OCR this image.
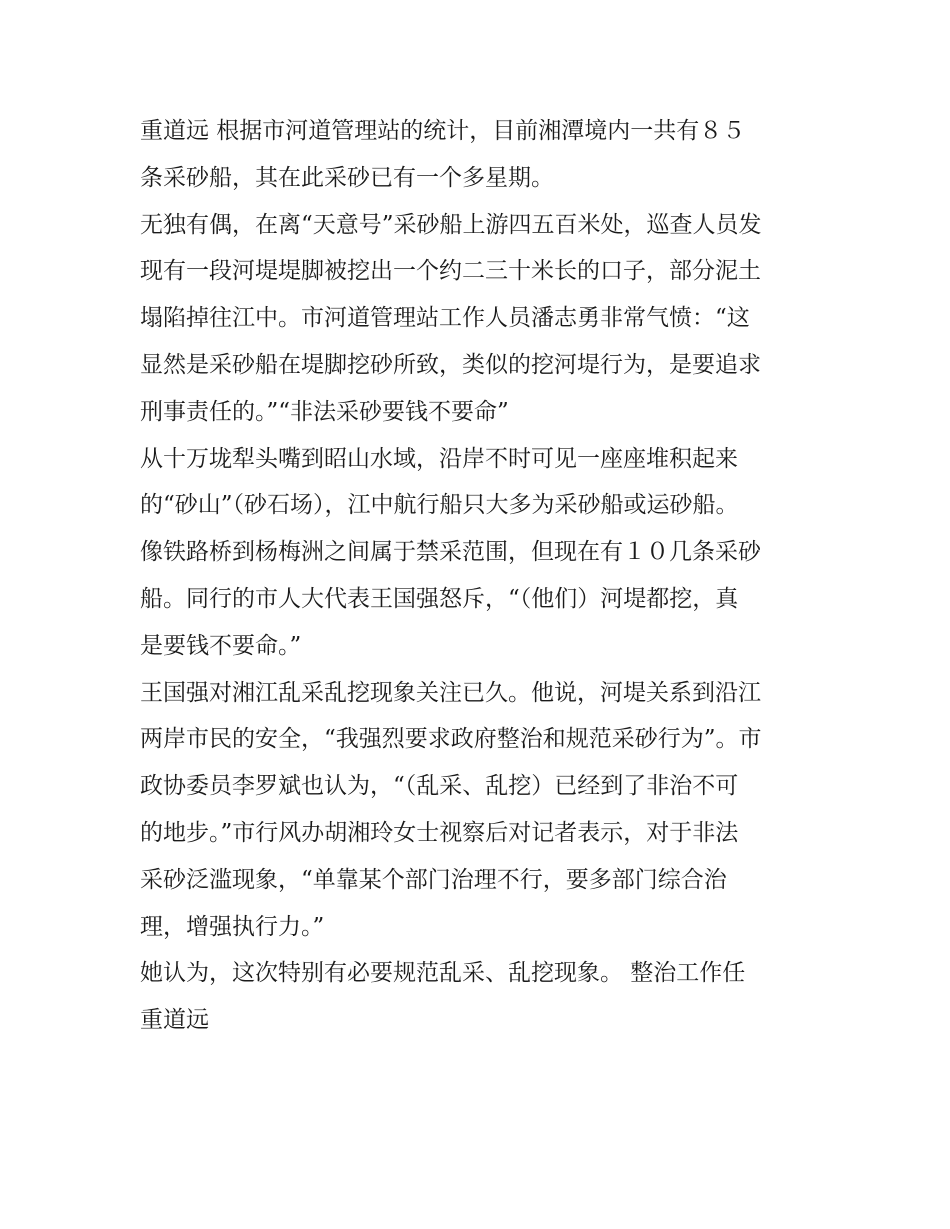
重道远 根据市河道管理站的统计，目前湘潭境内一共有８５
条采砂船，其在此采砂已有一个多星期。
无独有偶，在离“天意号”采砂船上游四五百米处，巡查人员发
现有一段河堤堤脚被挖出一个约二三十米长的口子，部分泥土
塌陷掉往江中。市河道管理站工作人员潘志勇非常气愤：“这
显然是采砂船在堤脚挖砂所致，类似的挖河堤行为，是要追求
刑事责任的。”“非法采砂要钱不要命”
从十万垅犁头嘴到昭山水域，沿岸不时可见一座座堆积起来
的“砂山”（砂石场），江中航行船只大多为采砂船或运砂船。
像铁路桥到杨梅洲之间属于禁采范围，但现在有１０几条采砂
船。同行的市人大代表王国强怒斥，“（他们）河堤都挖，真
是要钱不要命。”
王国强对湘江乱采乱挖现象关注已久。他说，河堤关系到沿江
两岸市民的安全，“我强烈要求政府整治和规范采砂行为”。市
政协委员李罗斌也认为，“（乱采、乱挖）已经到了非治不可
的地步。”市行风办胡湘玲女士视察后对记者表示，对于非法
采砂泛滥现象，“单靠某个部门治理不行，要多部门综合治
理，增强执行力。”
她认为，这次特别有必要规范乱采、乱挖现象。 整治工作任
重道远
